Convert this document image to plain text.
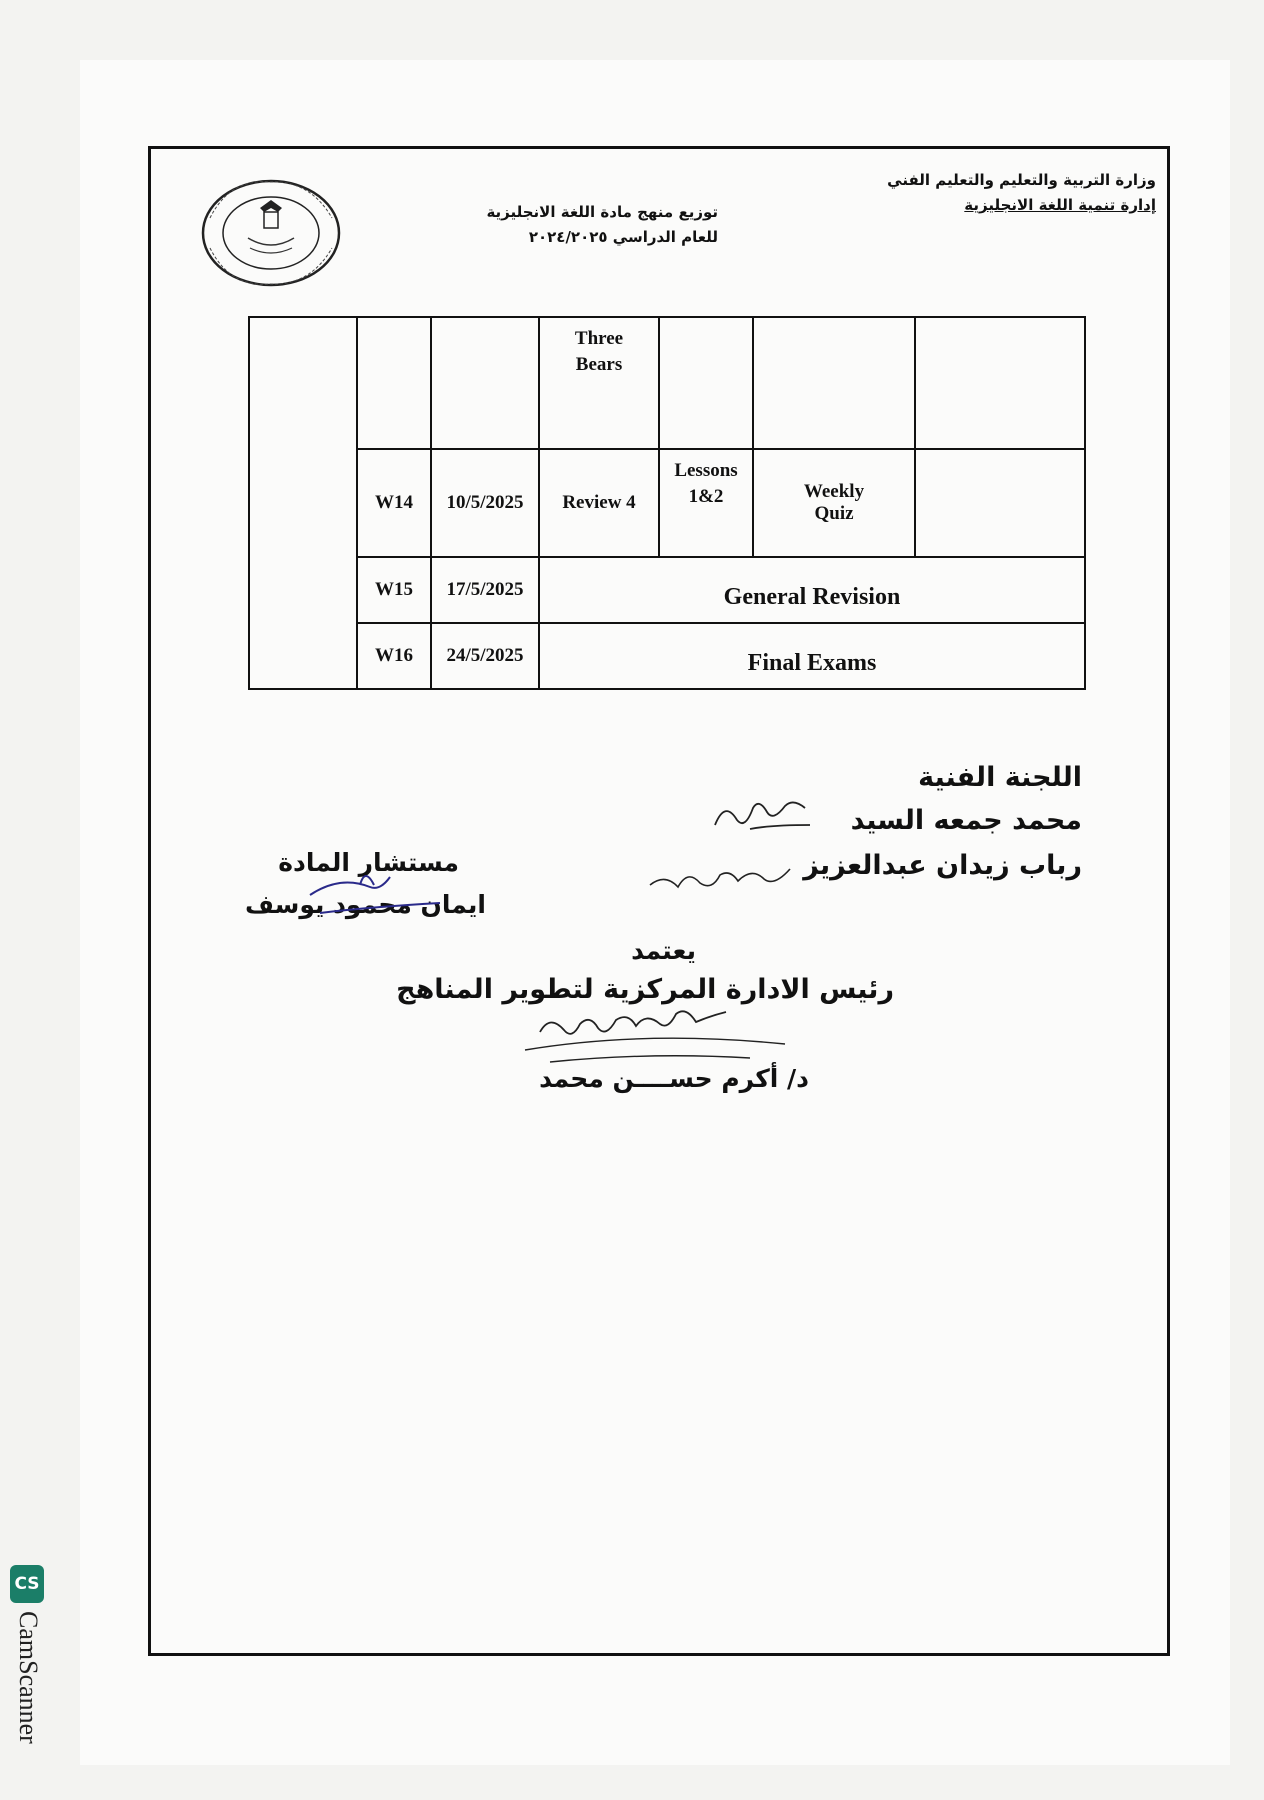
وزارة التربية والتعليم والتعليم الفني
إدارة تنمية اللغة الانجليزية
توزيع منهج مادة اللغة الانجليزية
للعام الدراسي ٢٠٢٤/٢٠٢٥
			Three Bears			
	W14	10/5/2025	Review 4	Lessons 1&2	Weekly Quiz	
	W15	17/5/2025	General Revision			
	W16	24/5/2025	Final Exams			
اللجنة الفنية
محمد جمعه السيد
رباب زيدان عبدالعزيز
مستشار المادة
ايمان محمود يوسف
يعتمد
رئيس الادارة المركزية لتطوير المناهج
د/ أكرم حســــن محمد
CS
CamScanner
